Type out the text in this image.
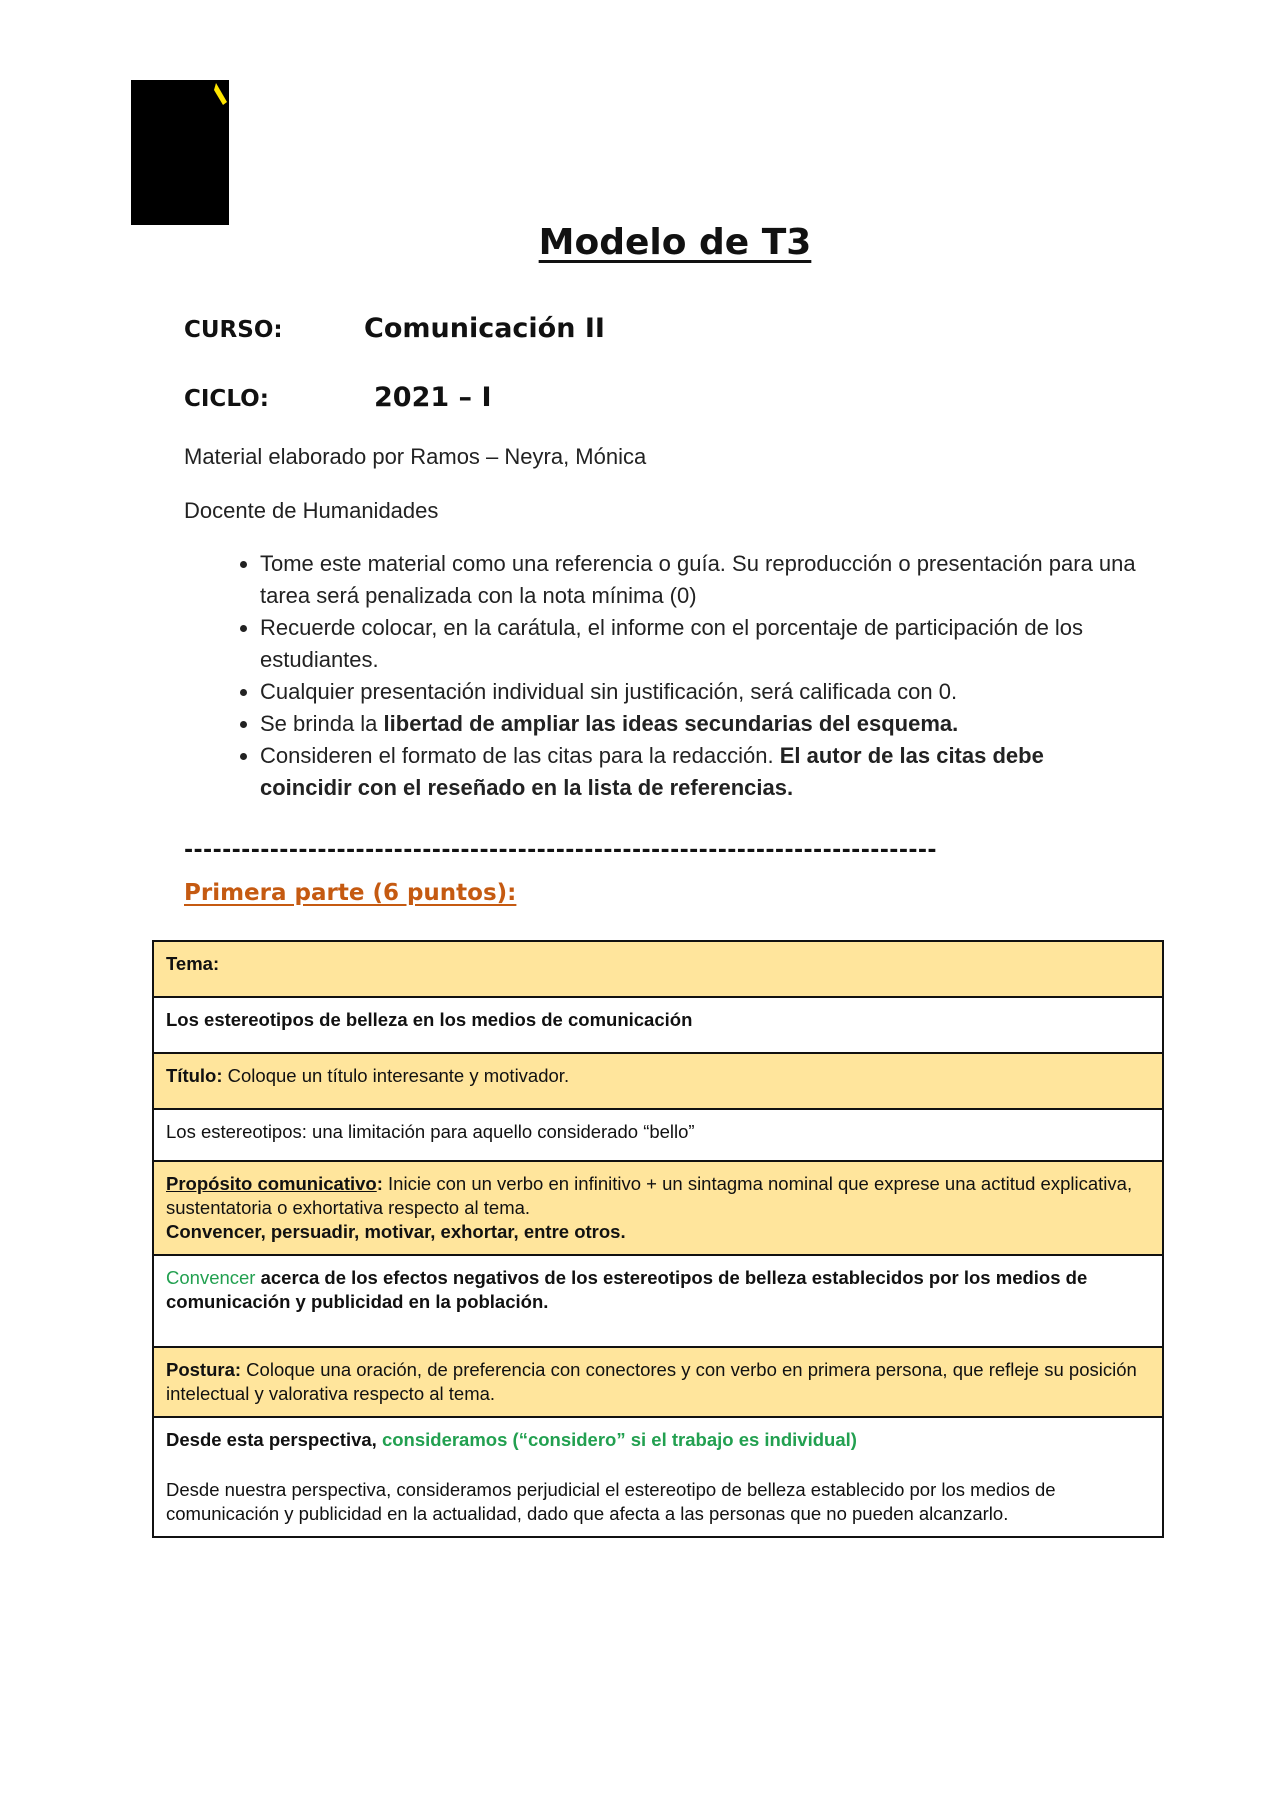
Modelo de T3
CURSO:	Comunicación II
CICLO:	2021 – I
Material elaborado por Ramos – Neyra, Mónica
Docente de Humanidades
• Tome este material como una referencia o guía. Su reproducción o presentación para una tarea será penalizada con la nota mínima (0)
• Recuerde colocar, en la carátula, el informe con el porcentaje de participación de los estudiantes.
• Cualquier presentación individual sin justificación, será calificada con 0.
• Se brinda la libertad de ampliar las ideas secundarias del esquema.
• Consideren el formato de las citas para la redacción. El autor de las citas debe coincidir con el reseñado en la lista de referencias.
-------------------------------------------------------------------------------
Primera parte (6 puntos):
Tema:
Los estereotipos de belleza en los medios de comunicación
Título: Coloque un título interesante y motivador.
Los estereotipos: una limitación para aquello considerado “bello”
Propósito comunicativo: Inicie con un verbo en infinitivo + un sintagma nominal que exprese una actitud explicativa, sustentatoria o exhortativa respecto al tema.
Convencer, persuadir, motivar, exhortar, entre otros.
Convencer acerca de los efectos negativos de los estereotipos de belleza establecidos por los medios de comunicación y publicidad en la población.
Postura: Coloque una oración, de preferencia con conectores y con verbo en primera persona, que refleje su posición intelectual y valorativa respecto al tema.
Desde esta perspectiva, consideramos (“considero” si el trabajo es individual)
Desde nuestra perspectiva, consideramos perjudicial el estereotipo de belleza establecido por los medios de comunicación y publicidad en la actualidad, dado que afecta a las personas que no pueden alcanzarlo.
